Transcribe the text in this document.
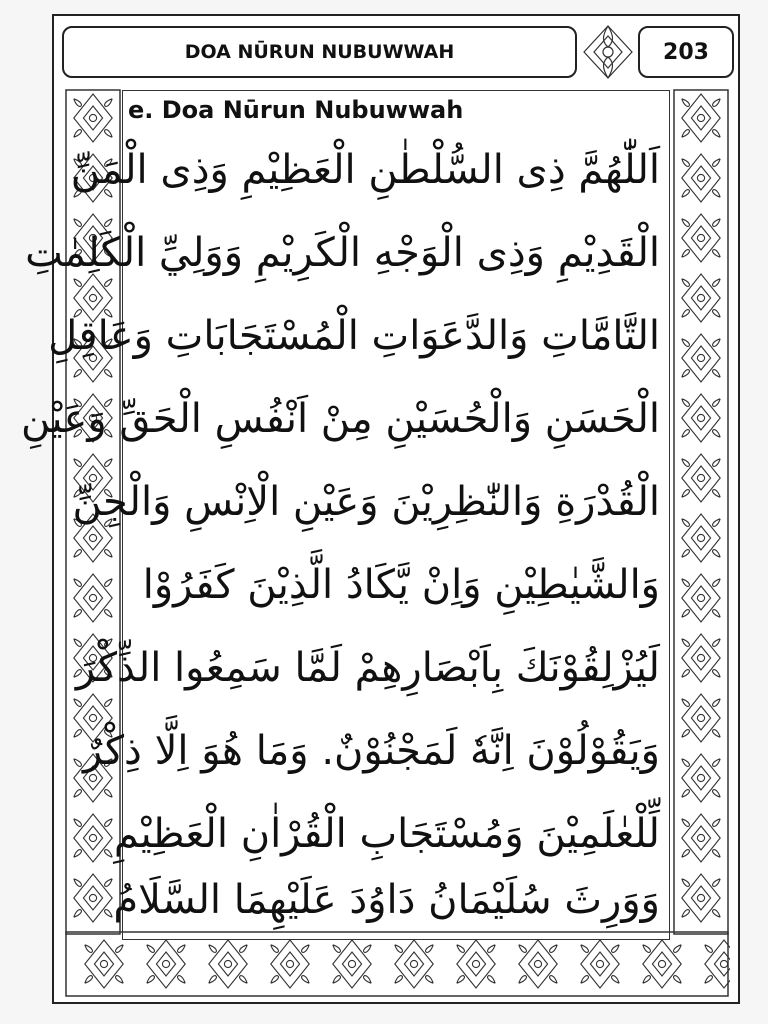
DOA NŪRUN NUBUWWAH	203
e. Doa Nūrun Nubuwwah
اَللّٰهُمَّ ذِى السُّلْطٰنِ الْعَظِيْمِ وَذِى الْمَنِّ
الْقَدِيْمِ وَذِى الْوَجْهِ الْكَرِيْمِ وَوَلِيِّ الْكَلِمٰتِ
التَّامَّاتِ وَالدَّعَوَاتِ الْمُسْتَجَابَاتِ وَعَاقِلِ
الْحَسَنِ وَالْحُسَيْنِ مِنْ اَنْفُسِ الْحَقِّ وَعَيْنِ
الْقُدْرَةِ وَالنّٰظِرِيْنَ وَعَيْنِ الْاِنْسِ وَالْجِنِّ
وَالشَّيٰطِيْنِ وَاِنْ يَّكَادُ الَّذِيْنَ كَفَرُوْا
لَيُزْلِقُوْنَكَ بِاَبْصَارِهِمْ لَمَّا سَمِعُوا الذِّكْرَ
وَيَقُوْلُوْنَ اِنَّهٗ لَمَجْنُوْنٌ. وَمَا هُوَ اِلَّا ذِكْرٌ
لِّلْعٰلَمِيْنَ وَمُسْتَجَابِ الْقُرْاٰنِ الْعَظِيْمِ
وَوَرِثَ سُلَيْمَانُ دَاوُدَ عَلَيْهِمَا السَّلَامُ
